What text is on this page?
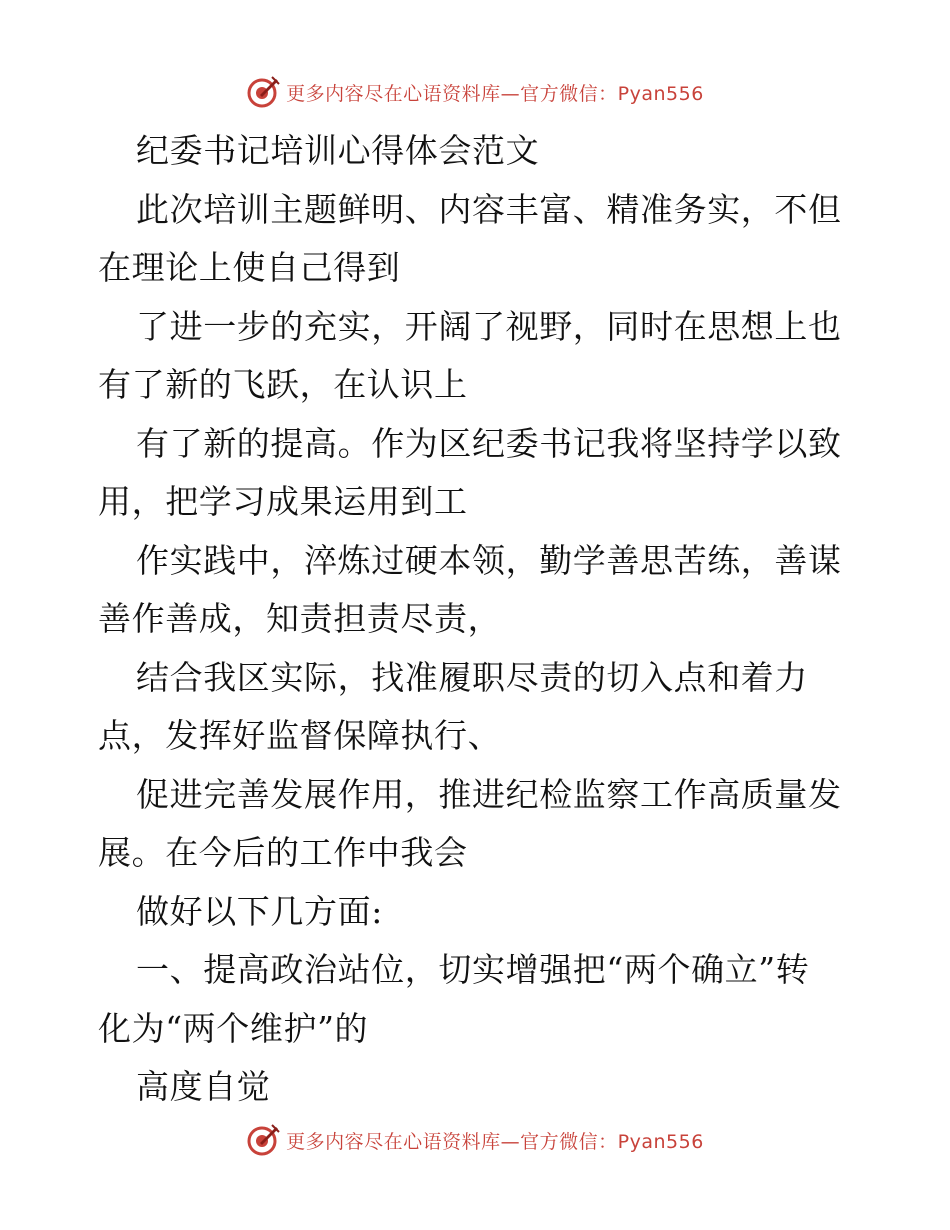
更多内容尽在心语资料库—官方微信：Pyan556
纪委书记培训心得体会范文
此次培训主题鲜明、内容丰富、精准务实，不但
在理论上使自己得到
了进一步的充实，开阔了视野，同时在思想上也
有了新的飞跃，在认识上
有了新的提高。作为区纪委书记我将坚持学以致
用，把学习成果运用到工
作实践中，淬炼过硬本领，勤学善思苦练，善谋
善作善成，知责担责尽责，
结合我区实际，找准履职尽责的切入点和着力
点，发挥好监督保障执行、
促进完善发展作用，推进纪检监察工作高质量发
展。在今后的工作中我会
做好以下几方面:
一、提高政治站位，切实增强把“两个确立”转
化为“两个维护”的
高度自觉
更多内容尽在心语资料库—官方微信：Pyan556
